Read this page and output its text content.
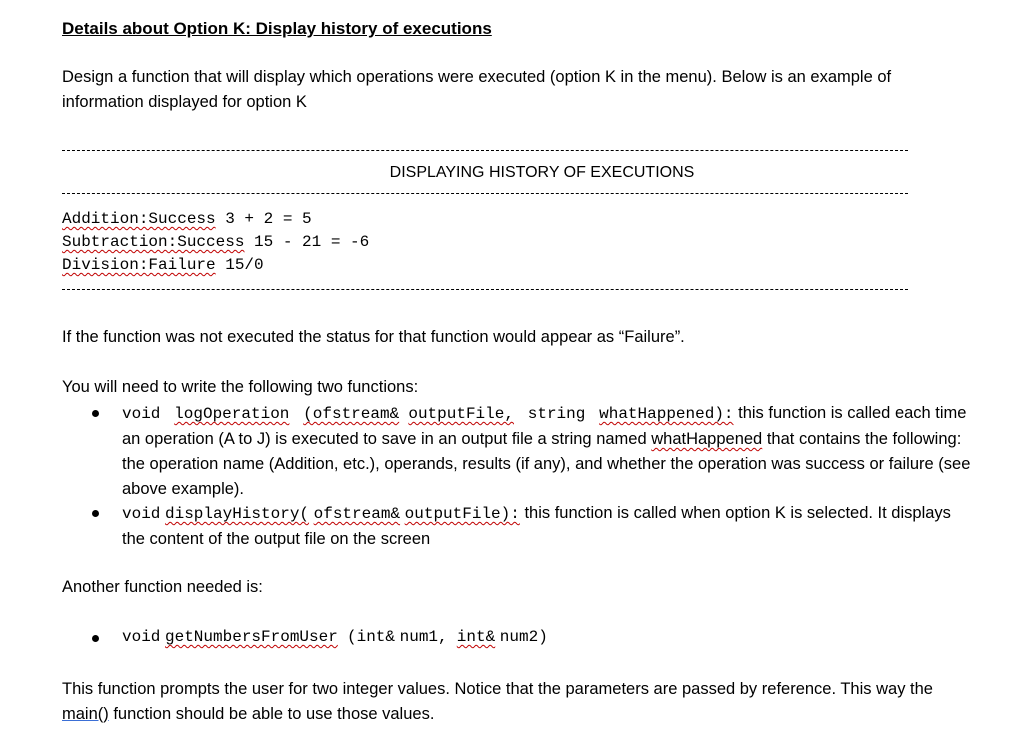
Details about Option K: Display history of executions
Design a function that will display which operations were executed (option K in the menu). Below is an example of information displayed for option K
DISPLAYING HISTORY OF EXECUTIONS
Addition:Success 3 + 2 = 5
Subtraction:Success 15 - 21 = -6
Division:Failure 15/0
If the function was not executed the status for that function would appear as “Failure”.
You will need to write the following two functions:
void logOperation (ofstream& outputFile, string whatHappened): this function is called each time an operation (A to J) is executed to save in an output file a string named whatHappened that contains the following: the operation name (Addition, etc.), operands, results (if any), and whether the operation was success or failure (see above example).
void displayHistory( ofstream& outputFile): this function is called when option K is selected. It displays the content of the output file on the screen
Another function needed is:
void getNumbersFromUser (int& num1, int& num2)
This function prompts the user for two integer values. Notice that the parameters are passed by reference. This way the main() function should be able to use those values.
